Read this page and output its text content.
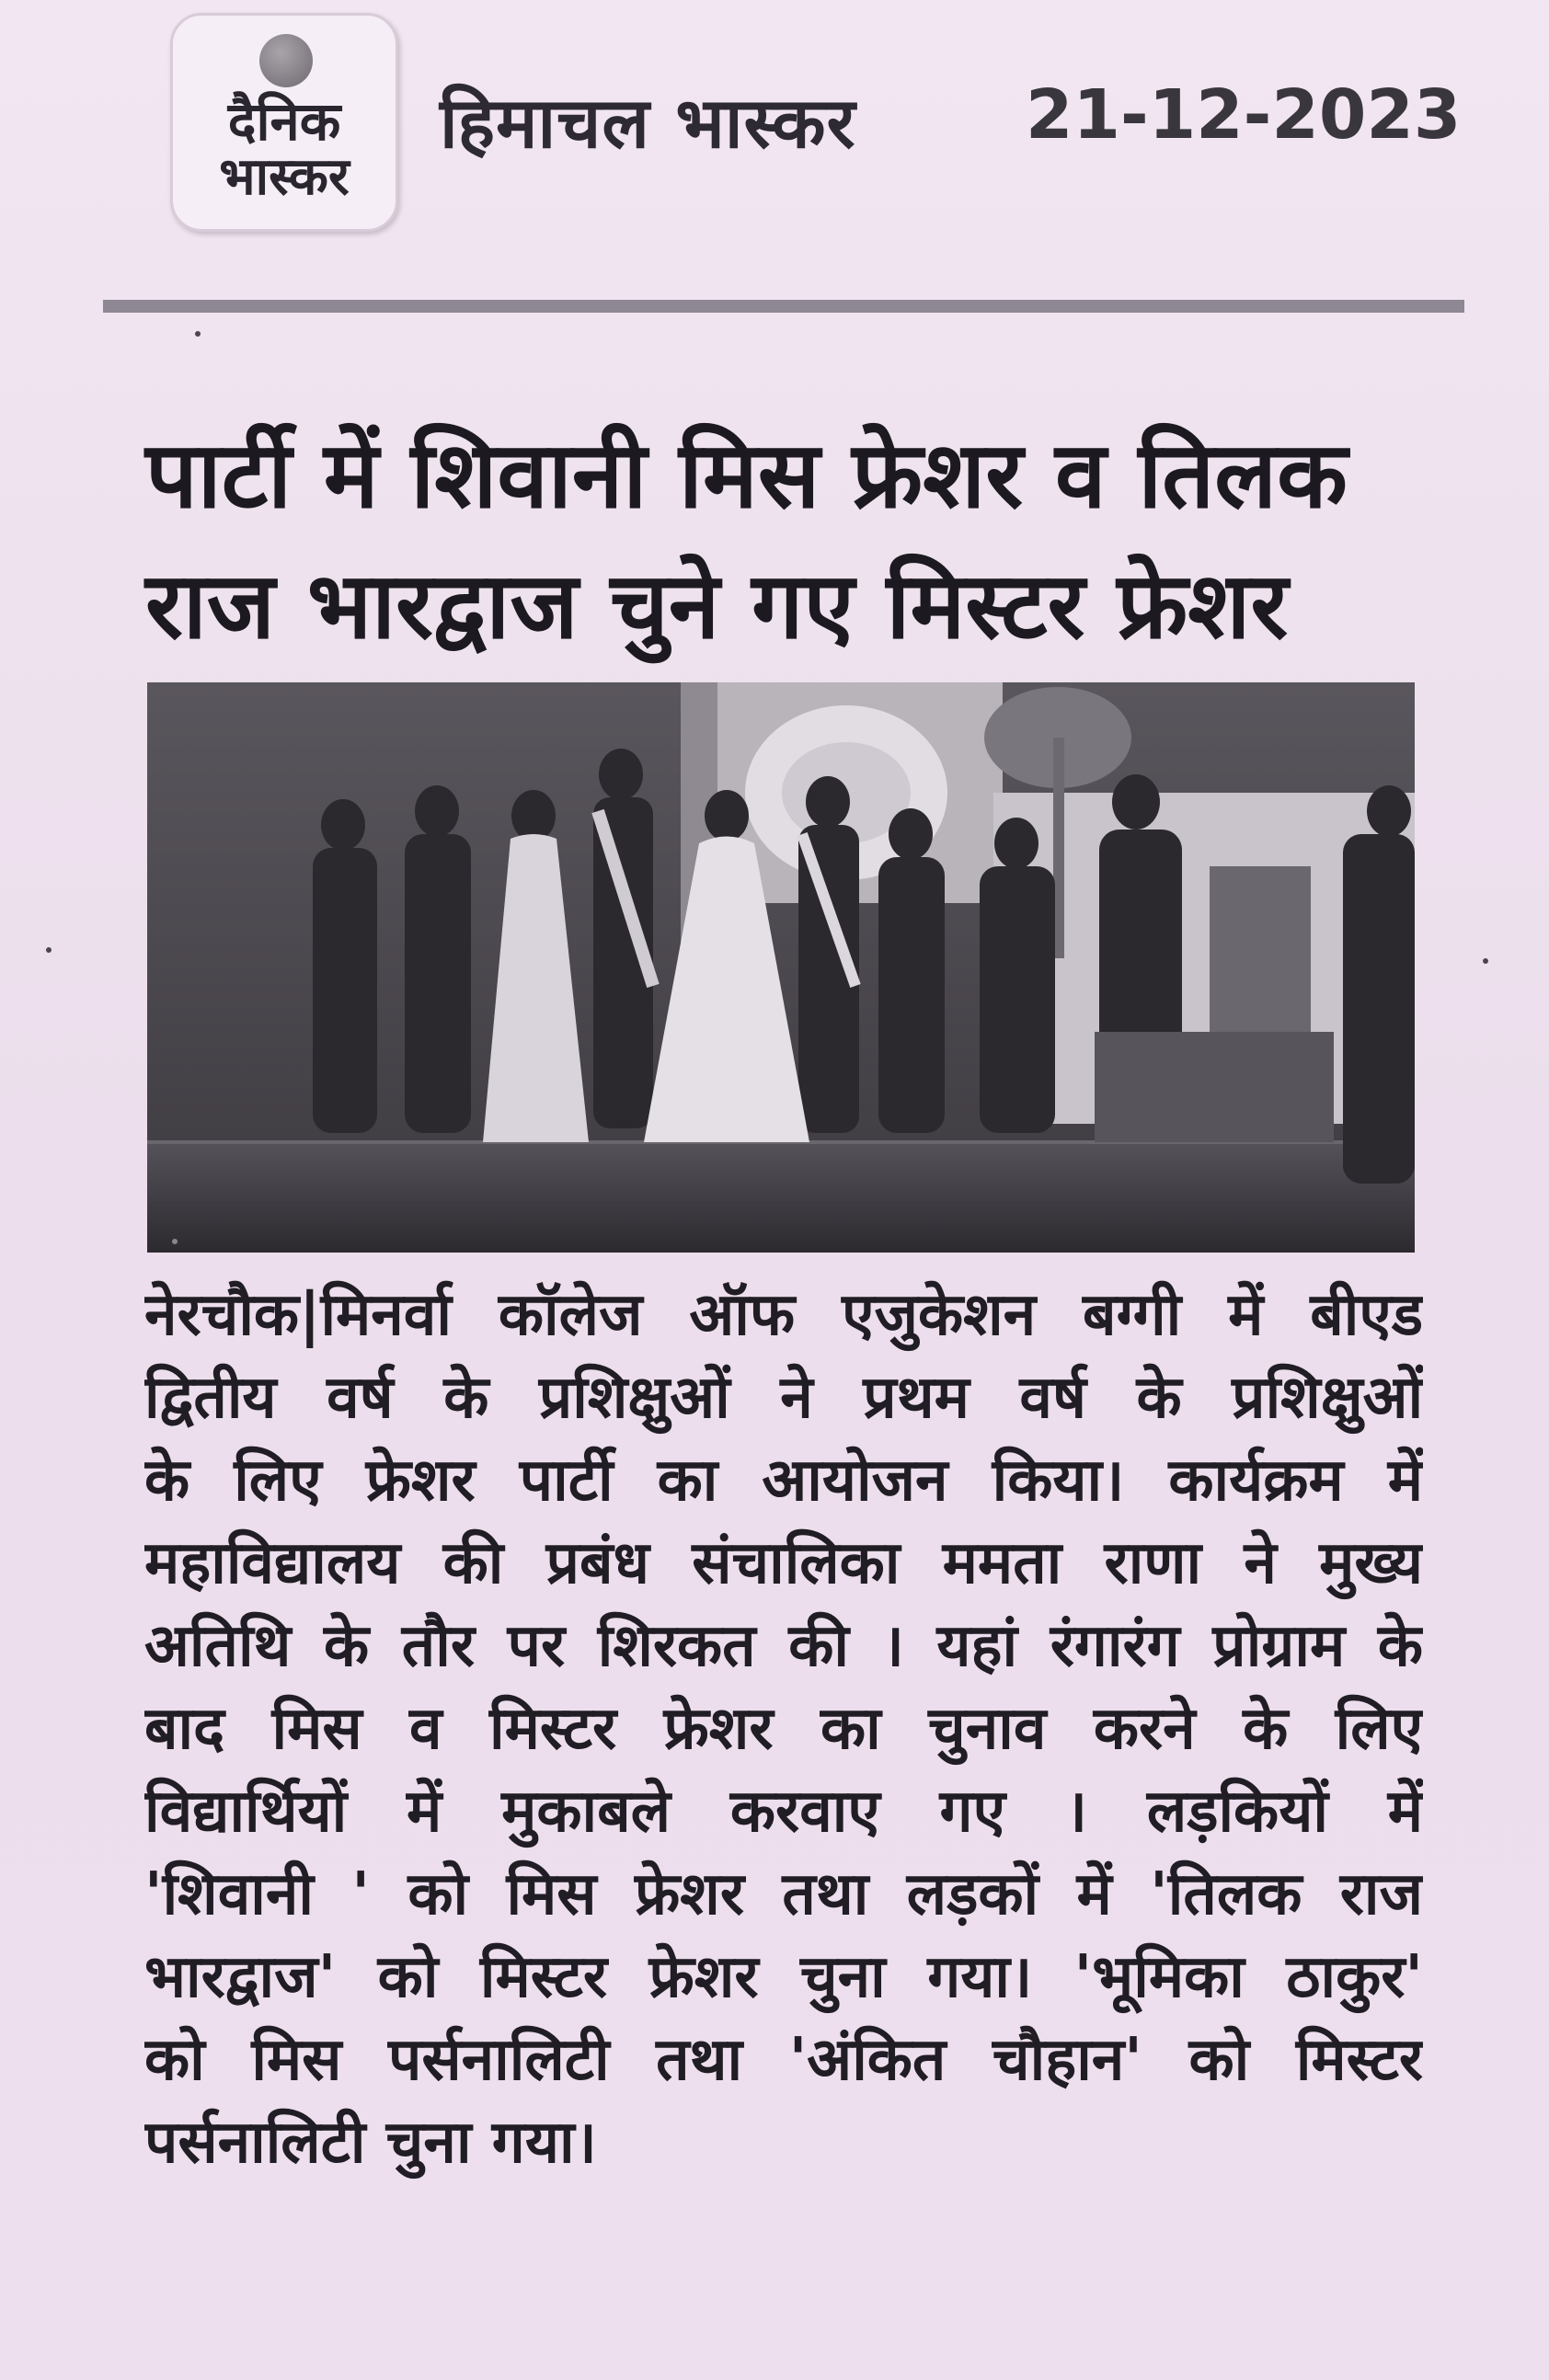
दैनिक
भास्कर
हिमाचल भास्कर 21-12-2023
पार्टी में शिवानी मिस फ्रेशर व तिलक
राज भारद्वाज चुने गए मिस्टर फ्रेशर
नेरचौक|मिनर्वा कॉलेज ऑफ एजुकेशन बग्गी में बीएड
द्वितीय वर्ष के प्रशिक्षुओं ने प्रथम वर्ष के प्रशिक्षुओं
के लिए फ्रेशर पार्टी का आयोजन किया। कार्यक्रम में
महाविद्यालय की प्रबंध संचालिका ममता राणा ने मुख्य
अतिथि के तौर पर शिरकत की । यहां रंगारंग प्रोग्राम के
बाद मिस व मिस्टर फ्रेशर का चुनाव करने के लिए
विद्यार्थियों में मुकाबले करवाए गए । लड़कियों में
'शिवानी ' को मिस फ्रेशर तथा लड़कों में 'तिलक राज
भारद्वाज' को मिस्टर फ्रेशर चुना गया। 'भूमिका ठाकुर'
को मिस पर्सनालिटी तथा 'अंकित चौहान' को मिस्टर
पर्सनालिटी चुना गया।
